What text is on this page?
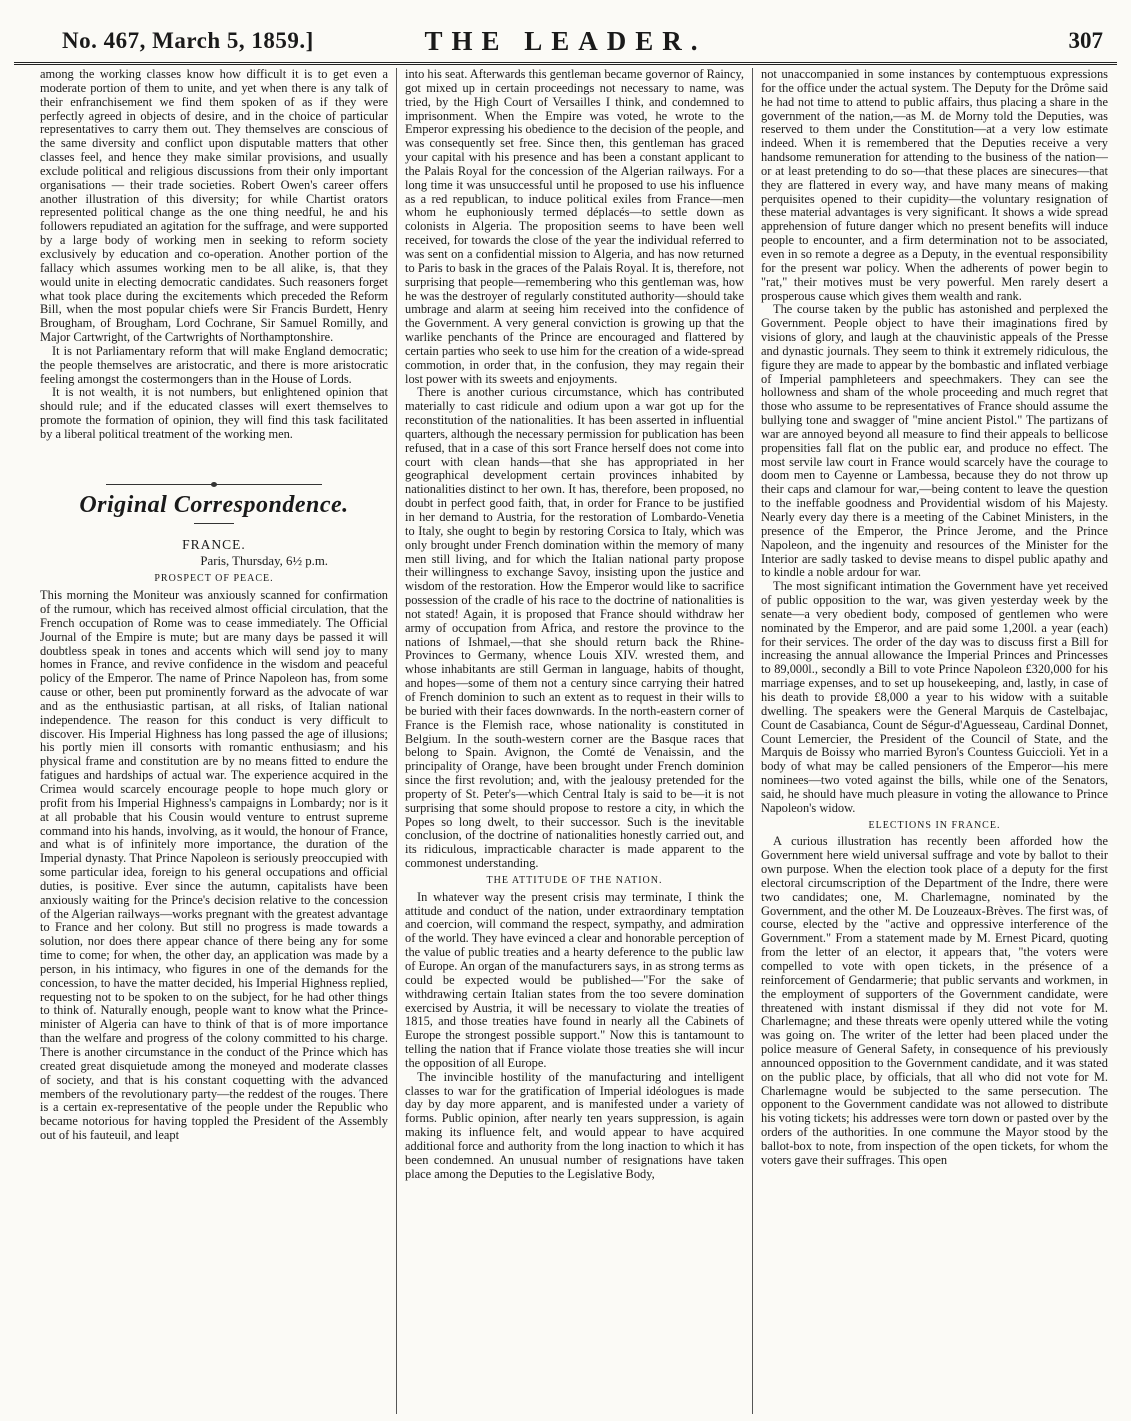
No. 467, March 5, 1859.]	THE LEADER.	307

among the working classes know how difficult it is to get even a moderate portion of them to unite, and yet when there is any talk of their enfranchisement we find them spoken of as if they were perfectly agreed in objects of desire, and in the choice of particular representatives to carry them out. They themselves are conscious of the same diversity and conflict upon disputable matters that other classes feel, and hence they make similar provisions, and usually exclude political and religious discussions from their only important organisations — their trade societies. Robert Owen's career offers another illustration of this diversity; for while Chartist orators represented political change as the one thing needful, he and his followers repudiated an agitation for the suffrage, and were supported by a large body of working men in seeking to reform society exclusively by education and co-operation. Another portion of the fallacy which assumes working men to be all alike, is, that they would unite in electing democratic candidates. Such reasoners forget what took place during the excitements which preceded the Reform Bill, when the most popular chiefs were Sir Francis Burdett, Henry Brougham, of Brougham, Lord Cochrane, Sir Samuel Romilly, and Major Cartwright, of the Cartwrights of Northamptonshire.

It is not Parliamentary reform that will make England democratic; the people themselves are aristocratic, and there is more aristocratic feeling amongst the costermongers than in the House of Lords.

It is not wealth, it is not numbers, but enlightened opinion that should rule; and if the educated classes will exert themselves to promote the formation of opinion, they will find this task facilitated by a liberal political treatment of the working men.

Original Correspondence.
FRANCE.
Paris, Thursday, 6½ p.m.
PROSPECT OF PEACE.

This morning the Moniteur was anxiously scanned for confirmation of the rumour, which has received almost official circulation, that the French occupation of Rome was to cease immediately. The Official Journal of the Empire is mute; but are many days be passed it will doubtless speak in tones and accents which will send joy to many homes in France, and revive confidence in the wisdom and peaceful policy of the Emperor. The name of Prince Napoleon has, from some cause or other, been put prominently forward as the advocate of war and as the enthusiastic partisan, at all risks, of Italian national independence. The reason for this conduct is very difficult to discover. His Imperial Highness has long passed the age of illusions; his portly mien ill consorts with romantic enthusiasm; and his physical frame and constitution are by no means fitted to endure the fatigues and hardships of actual war. The experience acquired in the Crimea would scarcely encourage people to hope much glory or profit from his Imperial Highness's campaigns in Lombardy; nor is it at all probable that his Cousin would venture to entrust supreme command into his hands, involving, as it would, the honour of France, and what is of infinitely more importance, the duration of the Imperial dynasty. That Prince Napoleon is seriously preoccupied with some particular idea, foreign to his general occupations and official duties, is positive. Ever since the autumn, capitalists have been anxiously waiting for the Prince's decision relative to the concession of the Algerian railways—works pregnant with the greatest advantage to France and her colony. But still no progress is made towards a solution, nor does there appear chance of there being any for some time to come; for when, the other day, an application was made by a person, in his intimacy, who figures in one of the demands for the concession, to have the matter decided, his Imperial Highness replied, requesting not to be spoken to on the subject, for he had other things to think of. Naturally enough, people want to know what the Prince-minister of Algeria can have to think of that is of more importance than the welfare and progress of the colony committed to his charge. There is another circumstance in the conduct of the Prince which has created great disquietude among the moneyed and moderate classes of society, and that is his constant coquetting with the advanced members of the revolutionary party—the reddest of the rouges. There is a certain ex-representative of the people under the Republic who became notorious for having toppled the President of the Assembly out of his fauteuil, and leapt

into his seat. Afterwards this gentleman became governor of Raincy, got mixed up in certain proceedings not necessary to name, was tried, by the High Court of Versailles I think, and condemned to imprisonment. When the Empire was voted, he wrote to the Emperor expressing his obedience to the decision of the people, and was consequently set free. Since then, this gentleman has graced your capital with his presence and has been a constant applicant to the Palais Royal for the concession of the Algerian railways. For a long time it was unsuccessful until he proposed to use his influence as a red republican, to induce political exiles from France—men whom he euphoniously termed déplacés—to settle down as colonists in Algeria. The proposition seems to have been well received, for towards the close of the year the individual referred to was sent on a confidential mission to Algeria, and has now returned to Paris to bask in the graces of the Palais Royal. It is, therefore, not surprising that people—remembering who this gentleman was, how he was the destroyer of regularly constituted authority—should take umbrage and alarm at seeing him received into the confidence of the Government. A very general conviction is growing up that the warlike penchants of the Prince are encouraged and flattered by certain parties who seek to use him for the creation of a wide-spread commotion, in order that, in the confusion, they may regain their lost power with its sweets and enjoyments.

There is another curious circumstance, which has contributed materially to cast ridicule and odium upon a war got up for the reconstitution of the nationalities. It has been asserted in influential quarters, although the necessary permission for publication has been refused, that in a case of this sort France herself does not come into court with clean hands—that she has appropriated in her geographical development certain provinces inhabited by nationalities distinct to her own. It has, therefore, been proposed, no doubt in perfect good faith, that, in order for France to be justified in her demand to Austria, for the restoration of Lombardo-Venetia to Italy, she ought to begin by restoring Corsica to Italy, which was only brought under French domination within the memory of many men still living, and for which the Italian national party propose their willingness to exchange Savoy, insisting upon the justice and wisdom of the restoration. How the Emperor would like to sacrifice possession of the cradle of his race to the doctrine of nationalities is not stated! Again, it is proposed that France should withdraw her army of occupation from Africa, and restore the province to the nations of Ishmael,—that she should return back the Rhine-Provinces to Germany, whence Louis XIV. wrested them, and whose inhabitants are still German in language, habits of thought, and hopes—some of them not a century since carrying their hatred of French dominion to such an extent as to request in their wills to be buried with their faces downwards. In the north-eastern corner of France is the Flemish race, whose nationality is constituted in Belgium. In the south-western corner are the Basque races that belong to Spain. Avignon, the Comté de Venaissin, and the principality of Orange, have been brought under French dominion since the first revolution; and, with the jealousy pretended for the property of St. Peter's—which Central Italy is said to be—it is not surprising that some should propose to restore a city, in which the Popes so long dwelt, to their successor. Such is the inevitable conclusion, of the doctrine of nationalities honestly carried out, and its ridiculous, impracticable character is made apparent to the commonest understanding.

THE ATTITUDE OF THE NATION.

In whatever way the present crisis may terminate, I think the attitude and conduct of the nation, under extraordinary temptation and coercion, will command the respect, sympathy, and admiration of the world. They have evinced a clear and honorable perception of the value of public treaties and a hearty deference to the public law of Europe. An organ of the manufacturers says, in as strong terms as could be expected would be published—"For the sake of withdrawing certain Italian states from the too severe domination exercised by Austria, it will be necessary to violate the treaties of 1815, and those treaties have found in nearly all the Cabinets of Europe the strongest possible support." Now this is tantamount to telling the nation that if France violate those treaties she will incur the opposition of all Europe.

The invincible hostility of the manufacturing and intelligent classes to war for the gratification of Imperial idéologues is made day by day more apparent, and is manifested under a variety of forms. Public opinion, after nearly ten years suppression, is again making its influence felt, and would appear to have acquired additional force and authority from the long inaction to which it has been condemned. An unusual number of resignations have taken place among the Deputies to the Legislative Body,

not unaccompanied in some instances by contemptuous expressions for the office under the actual system. The Deputy for the Drôme said he had not time to attend to public affairs, thus placing a share in the government of the nation,—as M. de Morny told the Deputies, was reserved to them under the Constitution—at a very low estimate indeed. When it is remembered that the Deputies receive a very handsome remuneration for attending to the business of the nation—or at least pretending to do so—that these places are sinecures—that they are flattered in every way, and have many means of making perquisites opened to their cupidity—the voluntary resignation of these material advantages is very significant. It shows a wide spread apprehension of future danger which no present benefits will induce people to encounter, and a firm determination not to be associated, even in so remote a degree as a Deputy, in the eventual responsibility for the present war policy. When the adherents of power begin to "rat," their motives must be very powerful. Men rarely desert a prosperous cause which gives them wealth and rank.

The course taken by the public has astonished and perplexed the Government. People object to have their imaginations fired by visions of glory, and laugh at the chauvinistic appeals of the Presse and dynastic journals. They seem to think it extremely ridiculous, the figure they are made to appear by the bombastic and inflated verbiage of Imperial pamphleteers and speechmakers. They can see the hollowness and sham of the whole proceeding and much regret that those who assume to be representatives of France should assume the bullying tone and swagger of "mine ancient Pistol." The partizans of war are annoyed beyond all measure to find their appeals to bellicose propensities fall flat on the public ear, and produce no effect. The most servile law court in France would scarcely have the courage to doom men to Cayenne or Lambessa, because they do not throw up their caps and clamour for war,—being content to leave the question to the ineffable goodness and Providential wisdom of his Majesty. Nearly every day there is a meeting of the Cabinet Ministers, in the presence of the Emperor, the Prince Jerome, and the Prince Napoleon, and the ingenuity and resources of the Minister for the Interior are sadly tasked to devise means to dispel public apathy and to kindle a noble ardour for war.

The most significant intimation the Government have yet received of public opposition to the war, was given yesterday week by the senate—a very obedient body, composed of gentlemen who were nominated by the Emperor, and are paid some 1,200l. a year (each) for their services. The order of the day was to discuss first a Bill for increasing the annual allowance the Imperial Princes and Princesses to 89,000l., secondly a Bill to vote Prince Napoleon £320,000 for his marriage expenses, and to set up housekeeping, and, lastly, in case of his death to provide £8,000 a year to his widow with a suitable dwelling. The speakers were the General Marquis de Castelbajac, Count de Casabianca, Count de Ségur-d'Aguesseau, Cardinal Donnet, Count Lemercier, the President of the Council of State, and the Marquis de Boissy who married Byron's Countess Guiccioli. Yet in a body of what may be called pensioners of the Emperor—his mere nominees—two voted against the bills, while one of the Senators, said, he should have much pleasure in voting the allowance to Prince Napoleon's widow.

ELECTIONS IN FRANCE.

A curious illustration has recently been afforded how the Government here wield universal suffrage and vote by ballot to their own purpose. When the election took place of a deputy for the first electoral circumscription of the Department of the Indre, there were two candidates; one, M. Charlemagne, nominated by the Government, and the other M. De Louzeaux-Brèves. The first was, of course, elected by the "active and oppressive interference of the Government." From a statement made by M. Ernest Picard, quoting from the letter of an elector, it appears that, "the voters were compelled to vote with open tickets, in the présence of a reinforcement of Gendarmerie; that public servants and workmen, in the employment of supporters of the Government candidate, were threatened with instant dismissal if they did not vote for M. Charlemagne; and these threats were openly uttered while the voting was going on. The writer of the letter had been placed under the police measure of General Safety, in consequence of his previously announced opposition to the Government candidate, and it was stated on the public place, by officials, that all who did not vote for M. Charlemagne would be subjected to the same persecution. The opponent to the Government candidate was not allowed to distribute his voting tickets; his addresses were torn down or pasted over by the orders of the authorities. In one commune the Mayor stood by the ballot-box to note, from inspection of the open tickets, for whom the voters gave their suffrages. This open
